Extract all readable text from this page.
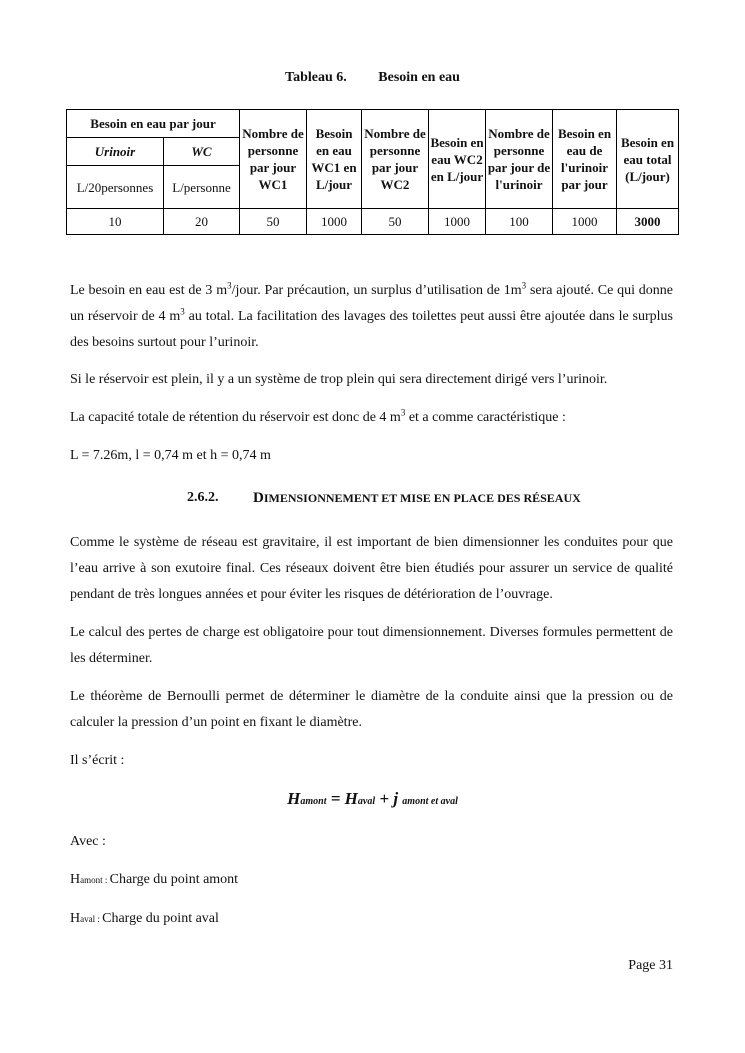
Tableau 6. Besoin en eau
Besoin en eau par jour		Nombre de personne par jour WC1	Besoin en eau WC1 en L/jour	Nombre de personne par jour WC2	Besoin en eau WC2 en L/jour	Nombre de personne par jour de l'urinoir	Besoin en eau de l'urinoir par jour	Besoin en eau total (L/jour)
Urinoir	WC							
L/20personnes	L/personne							
10	20	50	1000	50	1000	100	1000	3000

Le besoin en eau est de 3 $m^3$/jour. Par précaution, un surplus d’utilisation de $1m^3$ sera ajouté. Ce qui donne un réservoir de 4 $m^3$ au total. La facilitation des lavages des toilettes peut aussi être ajoutée dans le surplus des besoins surtout pour l’urinoir.

Si le réservoir est plein, il y a un système de trop plein qui sera directement dirigé vers l’urinoir.

La capacité totale de rétention du réservoir est donc de 4 $m^3$ et a comme caractéristique :

L = 7.26m, l = 0,74 m et h = 0,74 m

2.6.2. DIMENSIONNEMENT ET MISE EN PLACE DES RÉSEAUX

Comme le système de réseau est gravitaire, il est important de bien dimensionner les conduites pour que l’eau arrive à son exutoire final. Ces réseaux doivent être bien étudiés pour assurer un service de qualité pendant de très longues années et pour éviter les risques de détérioration de l’ouvrage.

Le calcul des pertes de charge est obligatoire pour tout dimensionnement. Diverses formules permettent de les déterminer.

Le théorème de Bernoulli permet de déterminer le diamètre de la conduite ainsi que la pression ou de calculer la pression d’un point en fixant le diamètre.

Il s’écrit :

Hamont = Haval + j amont et aval

Avec :

Hamont : Charge du point amont
Haval : Charge du point aval
Page 31
